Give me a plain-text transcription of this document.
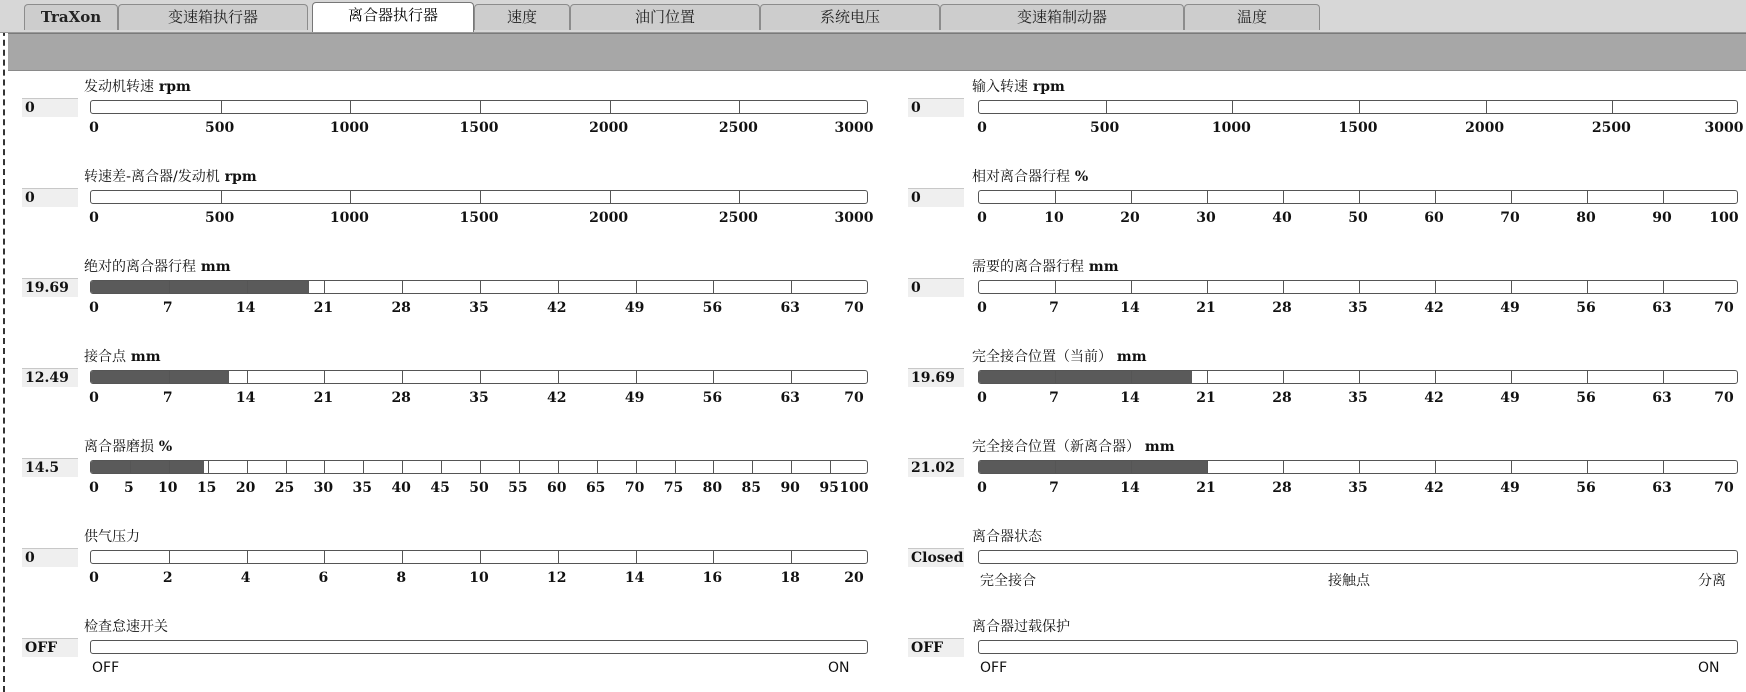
TraXon	变速箱执行器	离合器执行器	速度	油门位置	系统电压	变速箱制动器	温度
发动机转速 rpm
0
0	500	1000	1500	2000	2500	3000
转速差-离合器/发动机 rpm
0
0	500	1000	1500	2000	2500	3000
绝对的离合器行程 mm
19.69
0	7	14	21	28	35	42	49	56	63	70
接合点 mm
12.49
0	7	14	21	28	35	42	49	56	63	70
离合器磨损 %
14.5
0 5 10 15 20 25 30 35 40 45 50 55 60 65 70 75 80 85 90 95 100
供气压力
0
0	2	4	6	8	10	12	14	16	18	20
检查怠速开关
OFF
OFF	ON
输入转速 rpm
0
0	500	1000	1500	2000	2500	3000
相对离合器行程 %
0
0	10	20	30	40	50	60	70	80	90	100
需要的离合器行程 mm
0
0	7	14	21	28	35	42	49	56	63	70
完全接合位置（当前） mm
19.69
0	7	14	21	28	35	42	49	56	63	70
完全接合位置（新离合器） mm
21.02
0	7	14	21	28	35	42	49	56	63	70
离合器状态
Closed
完全接合	接触点	分离
离合器过载保护
OFF
OFF	ON
